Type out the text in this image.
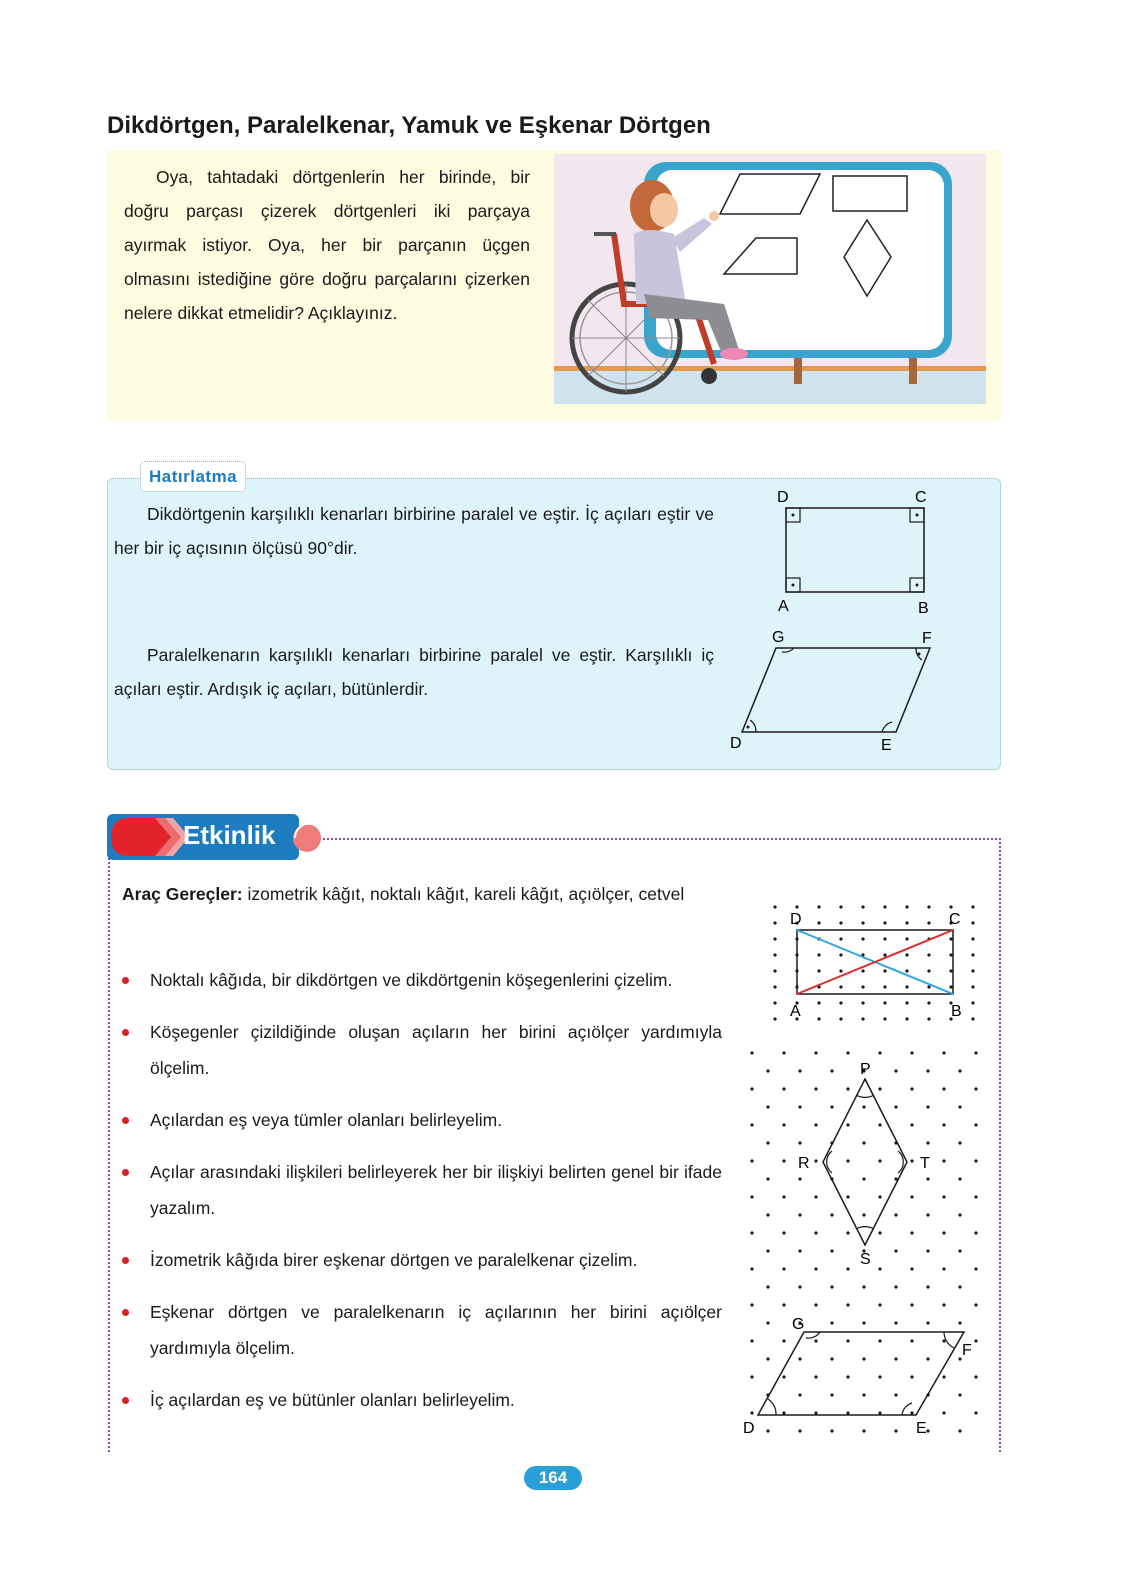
Dikdörtgen, Paralelkenar, Yamuk ve Eşkenar Dörtgen
Oya, tahtadaki dörtgenlerin her birinde, bir doğru parçası çizerek dörtgenleri iki parçaya ayırmak istiyor. Oya, her bir parçanın üçgen olmasını istediğine göre doğru parçalarını çizerken nelere dikkat etmelidir? Açıklayınız.
Hatırlatma
Dikdörtgenin karşılıklı kenarları birbirine paralel ve eştir. İç açıları eştir ve her bir iç açısının ölçüsü 90°dir.
Paralelkenarın karşılıklı kenarları birbirine paralel ve eştir. Karşılıklı iç açıları eştir. Ardışık iç açıları, bütünlerdir.
D	C
A	B
G	F
D	E
Etkinlik
Araç Gereçler: izometrik kâğıt, noktalı kâğıt, kareli kâğıt, açıölçer, cetvel
Noktalı kâğıda, bir dikdörtgen ve dikdörtgenin köşegenlerini çizelim.
Köşegenler çizildiğinde oluşan açıların her birini açıölçer yardımıyla ölçelim.
Açılardan eş veya tümler olanları belirleyelim.
Açılar arasındaki ilişkileri belirleyerek her bir ilişkiyi belirten genel bir ifade yazalım.
İzometrik kâğıda birer eşkenar dörtgen ve paralelkenar çizelim.
Eşkenar dörtgen ve paralelkenarın iç açılarının her birini açıölçer yardımıyla ölçelim.
İç açılardan eş ve bütünler olanları belirleyelim.
D	C
A	B
P
R	T
S
G
F
D	E
164
